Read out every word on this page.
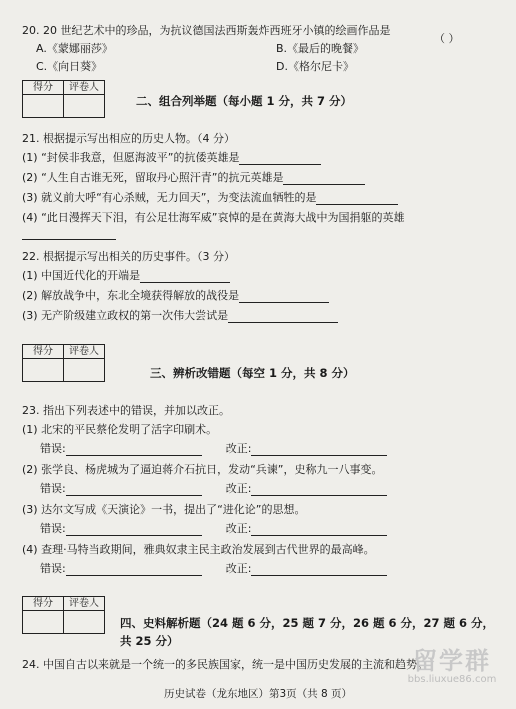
20. 20 世纪艺术中的珍品，为抗议德国法西斯轰炸西班牙小镇的绘画作品是
（ ）
A.《蒙娜丽莎》	B.《最后的晚餐》
C.《向日葵》	D.《格尔尼卡》
得分	评卷人

二、组合列举题（每小题 1 分，共 7 分）
21. 根据提示写出相应的历史人物。（4 分）
(1) “封侯非我意，但愿海波平”的抗倭英雄是
(2) “人生自古谁无死，留取丹心照汗青”的抗元英雄是
(3) 就义前大呼“有心杀贼，无力回天”，为变法流血牺牲的是
(4) “此日漫挥天下泪，有公足壮海军威”哀悼的是在黄海大战中为国捐躯的英雄
22. 根据提示写出相关的历史事件。（3 分）
(1) 中国近代化的开端是
(2) 解放战争中，东北全境获得解放的战役是
(3) 无产阶级建立政权的第一次伟大尝试是
得分	评卷人

三、辨析改错题（每空 1 分，共 8 分）
23. 指出下列表述中的错误，并加以改正。
(1) 北宋的平民蔡伦发明了活字印刷术。
错误:	改正:
(2) 张学良、杨虎城为了逼迫蒋介石抗日，发动“兵谏”，史称九一八事变。
错误:	改正:
(3) 达尔文写成《天演论》一书，提出了“进化论”的思想。
错误:	改正:
(4) 查理·马特当政期间，雅典奴隶主民主政治发展到古代世界的最高峰。
错误:	改正:
得分	评卷人

四、史料解析题（24 题 6 分，25 题 7 分，26 题 6 分，27 题 6 分，
共 25 分）
24. 中国自古以来就是一个统一的多民族国家，统一是中国历史发展的主流和趋势。
留学群
bbs.liuxue86.com
历史试卷（龙东地区）第3页（共 8 页）
